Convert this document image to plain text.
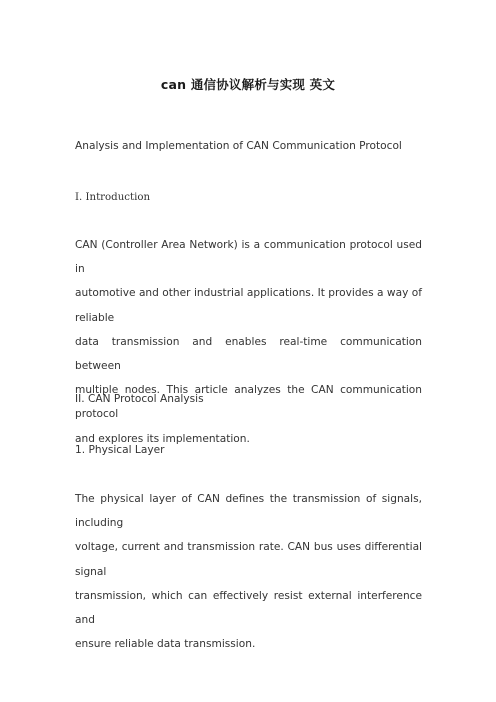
can 通信协议解析与实现 英文
Analysis and Implementation of CAN Communication Protocol
I. Introduction
CAN (Controller Area Network) is a communication protocol used in
automotive and other industrial applications. It provides a way of reliable
data transmission and enables real-time communication between
multiple nodes. This article analyzes the CAN communication protocol
and explores its implementation.
II. CAN Protocol Analysis
1. Physical Layer
The physical layer of CAN defines the transmission of signals, including
voltage, current and transmission rate. CAN bus uses differential signal
transmission, which can effectively resist external interference and
ensure reliable data transmission.
